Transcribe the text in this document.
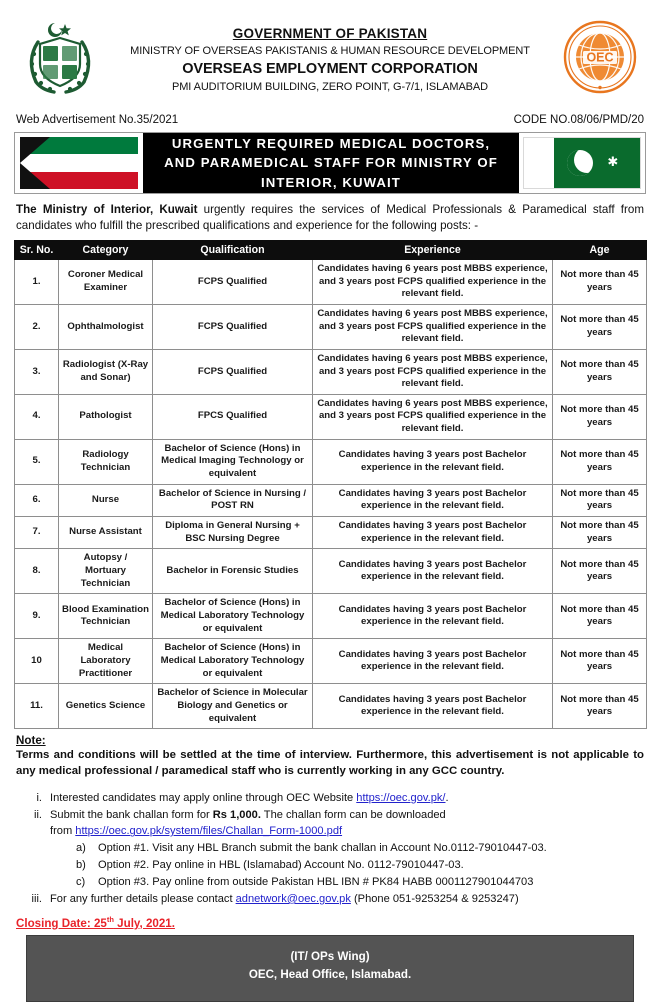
GOVERNMENT OF PAKISTAN
MINISTRY OF OVERSEAS PAKISTANIS & HUMAN RESOURCE DEVELOPMENT
OVERSEAS EMPLOYMENT CORPORATION
PMI AUDITORIUM BUILDING, ZERO POINT, G-7/1, ISLAMABAD
OEC
Web Advertisement No.35/2021	CODE NO.08/06/PMD/20
URGENTLY REQUIRED MEDICAL DOCTORS,
AND PARAMEDICAL STAFF FOR MINISTRY OF
INTERIOR, KUWAIT
✱
The Ministry of Interior, Kuwait urgently requires the services of Medical Professionals & Paramedical staff from candidates who fulfill the prescribed qualifications and experience for the following posts: -
Sr. No.	Category	Qualification	Experience	Age
1.	Coroner Medical Examiner	FCPS Qualified	Candidates having 6 years post MBBS experience, and 3 years post FCPS qualified experience in the relevant field.	Not more than 45 years
2.	Ophthalmologist	FCPS Qualified	Candidates having 6 years post MBBS experience, and 3 years post FCPS qualified experience in the relevant field.	Not more than 45 years
3.	Radiologist (X-Ray and Sonar)	FCPS Qualified	Candidates having 6 years post MBBS experience, and 3 years post FCPS qualified experience in the relevant field.	Not more than 45 years
4.	Pathologist	FPCS Qualified	Candidates having 6 years post MBBS experience, and 3 years post FCPS qualified experience in the relevant field.	Not more than 45 years
5.	Radiology Technician	Bachelor of Science (Hons) in Medical Imaging Technology or equivalent	Candidates having 3 years post Bachelor experience in the relevant field.	Not more than 45 years
6.	Nurse	Bachelor of Science in Nursing / POST RN	Candidates having 3 years post Bachelor experience in the relevant field.	Not more than 45 years
7.	Nurse Assistant	Diploma in General Nursing + BSC Nursing Degree	Candidates having 3 years post Bachelor experience in the relevant field.	Not more than 45 years
8.	Autopsy / Mortuary Technician	Bachelor in Forensic Studies	Candidates having 3 years post Bachelor experience in the relevant field.	Not more than 45 years
9.	Blood Examination Technician	Bachelor of Science (Hons) in Medical Laboratory Technology or equivalent	Candidates having 3 years post Bachelor experience in the relevant field.	Not more than 45 years
10	Medical Laboratory Practitioner	Bachelor of Science (Hons) in Medical Laboratory Technology or equivalent	Candidates having 3 years post Bachelor experience in the relevant field.	Not more than 45 years
11.	Genetics Science	Bachelor of Science in Molecular Biology and Genetics or equivalent	Candidates having 3 years post Bachelor experience in the relevant field.	Not more than 45 years
Note:
Terms and conditions will be settled at the time of interview. Furthermore, this advertisement is not applicable to any medical professional / paramedical staff who is currently working in any GCC country.
i. Interested candidates may apply online through OEC Website https://oec.gov.pk/.
ii. Submit the bank challan form for Rs 1,000. The challan form can be downloaded
from https://oec.gov.pk/system/files/Challan_Form-1000.pdf
a)	Option #1. Visit any HBL Branch submit the bank challan in Account No.0112-79010447-03.
b)	Option #2. Pay online in HBL (Islamabad) Account No. 0112-79010447-03.
c)	Option #3. Pay online from outside Pakistan HBL IBN # PK84 HABB 0001127901044703
iii. For any further details please contact adnetwork@oec.gov.pk (Phone 051-9253254 & 9253247)
Closing Date: 25th July, 2021.
(IT/ OPs Wing)
OEC, Head Office, Islamabad.
